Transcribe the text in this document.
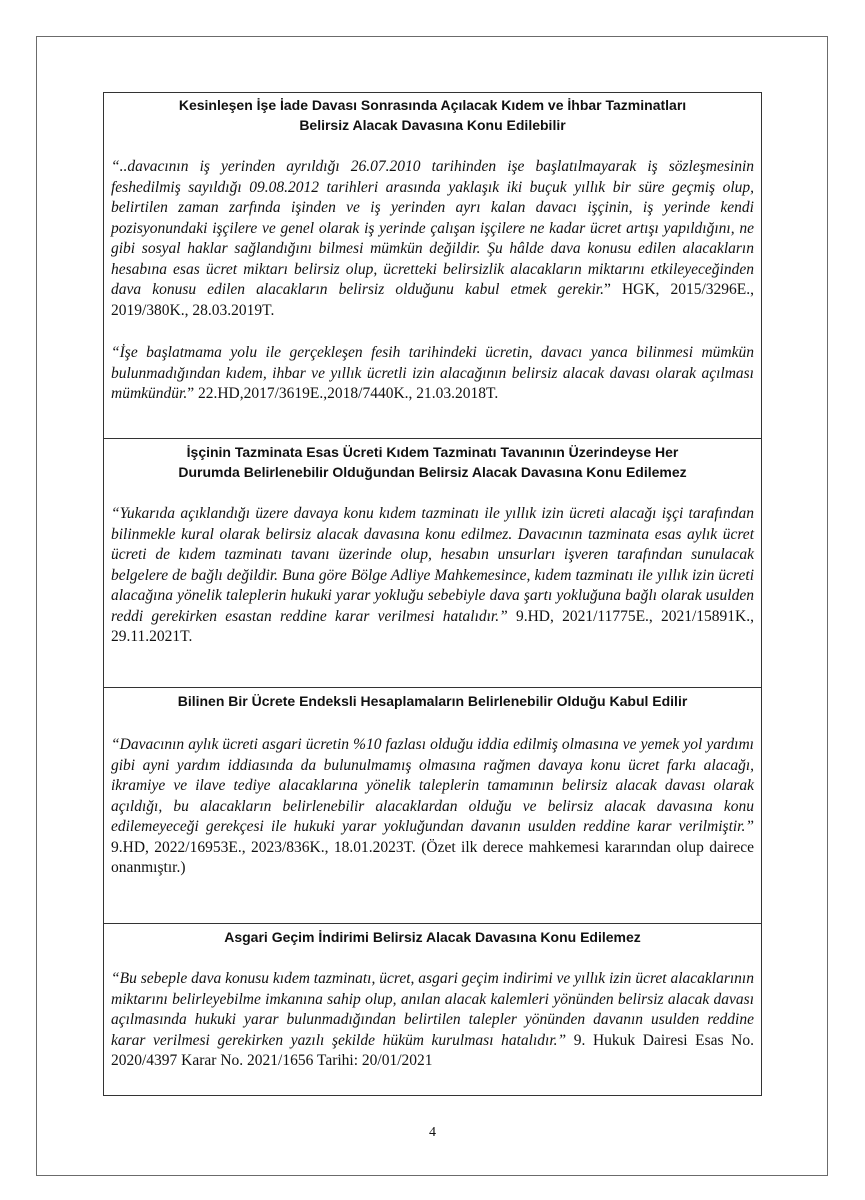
Kesinleşen İşe İade Davası Sonrasında Açılacak Kıdem ve İhbar Tazminatları
Belirsiz Alacak Davasına Konu Edilebilir

“..davacının iş yerinden ayrıldığı 26.07.2010 tarihinden işe başlatılmayarak iş sözleşmesinin feshedilmiş sayıldığı 09.08.2012 tarihleri arasında yaklaşık iki buçuk yıllık bir süre geçmiş olup, belirtilen zaman zarfında işinden ve iş yerinden ayrı kalan davacı işçinin, iş yerinde kendi pozisyonundaki işçilere ve genel olarak iş yerinde çalışan işçilere ne kadar ücret artışı yapıldığını, ne gibi sosyal haklar sağlandığını bilmesi mümkün değildir. Şu hâlde dava konusu edilen alacakların hesabına esas ücret miktarı belirsiz olup, ücretteki belirsizlik alacakların miktarını etkileyeceğinden dava konusu edilen alacakların belirsiz olduğunu kabul etmek gerekir.” HGK, 2015/3296E., 2019/380K., 28.03.2019T.

“İşe başlatmama yolu ile gerçekleşen fesih tarihindeki ücretin, davacı yanca bilinmesi mümkün bulunmadığından kıdem, ihbar ve yıllık ücretli izin alacağının belirsiz alacak davası olarak açılması mümkündür.” 22.HD,2017/3619E.,2018/7440K., 21.03.2018T.

İşçinin Tazminata Esas Ücreti Kıdem Tazminatı Tavanının Üzerindeyse Her
Durumda Belirlenebilir Olduğundan Belirsiz Alacak Davasına Konu Edilemez

“Yukarıda açıklandığı üzere davaya konu kıdem tazminatı ile yıllık izin ücreti alacağı işçi tarafından bilinmekle kural olarak belirsiz alacak davasına konu edilmez. Davacının tazminata esas aylık ücret ücreti de kıdem tazminatı tavanı üzerinde olup, hesabın unsurları işveren tarafından sunulacak belgelere de bağlı değildir. Buna göre Bölge Adliye Mahkemesince, kıdem tazminatı ile yıllık izin ücreti alacağına yönelik taleplerin hukuki yarar yokluğu sebebiyle dava şartı yokluğuna bağlı olarak usulden reddi gerekirken esastan reddine karar verilmesi hatalıdır.” 9.HD, 2021/11775E., 2021/15891K., 29.11.2021T.

Bilinen Bir Ücrete Endeksli Hesaplamaların Belirlenebilir Olduğu Kabul Edilir

“Davacının aylık ücreti asgari ücretin %10 fazlası olduğu iddia edilmiş olmasına ve yemek yol yardımı gibi ayni yardım iddiasında da bulunulmamış olmasına rağmen davaya konu ücret farkı alacağı, ikramiye ve ilave tediye alacaklarına yönelik taleplerin tamamının belirsiz alacak davası olarak açıldığı, bu alacakların belirlenebilir alacaklardan olduğu ve belirsiz alacak davasına konu edilemeyeceği gerekçesi ile hukuki yarar yokluğundan davanın usulden reddine karar verilmiştir.” 9.HD, 2022/16953E., 2023/836K., 18.01.2023T. (Özet ilk derece mahkemesi kararından olup dairece onanmıştır.)

Asgari Geçim İndirimi Belirsiz Alacak Davasına Konu Edilemez

“Bu sebeple dava konusu kıdem tazminatı, ücret, asgari geçim indirimi ve yıllık izin ücret alacaklarının miktarını belirleyebilme imkanına sahip olup, anılan alacak kalemleri yönünden belirsiz alacak davası açılmasında hukuki yarar bulunmadığından belirtilen talepler yönünden davanın usulden reddine karar verilmesi gerekirken yazılı şekilde hüküm kurulması hatalıdır.” 9. Hukuk Dairesi Esas No. 2020/4397 Karar No. 2021/1656 Tarihi: 20/01/2021

4
